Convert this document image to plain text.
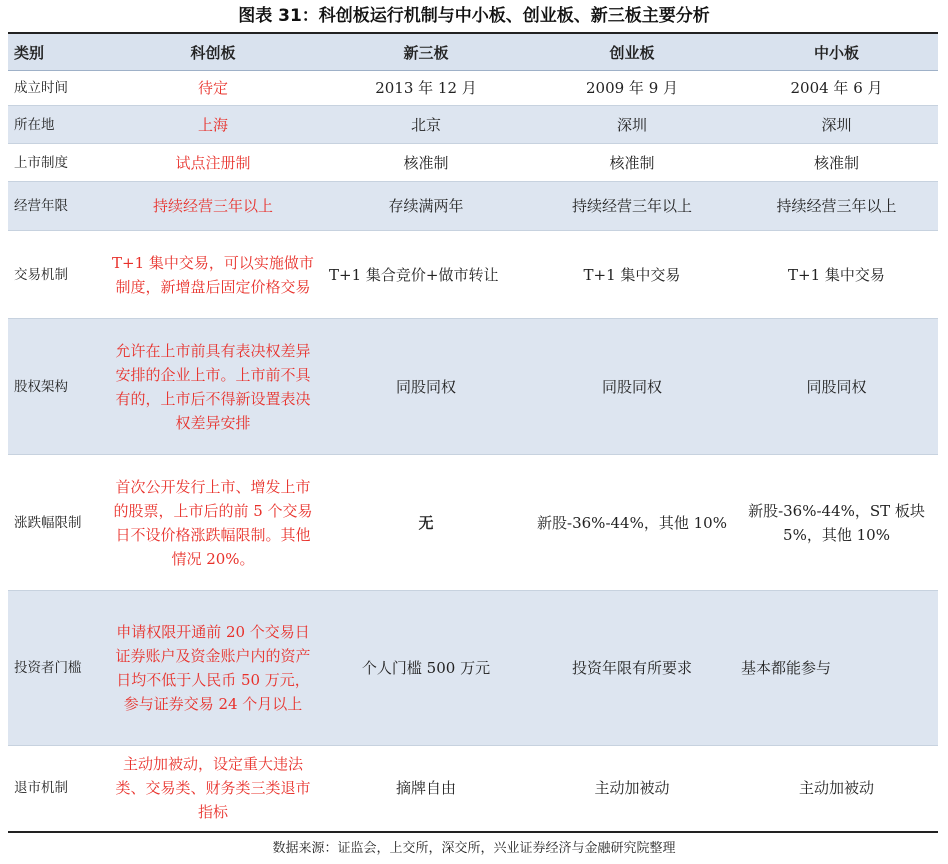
图表 31：科创板运行机制与中小板、创业板、新三板主要分析
类别	科创板	新三板	创业板	中小板
成立时间	待定	2013 年 12 月	2009 年 9 月	2004 年 6 月
所在地	上海	北京	深圳	深圳
上市制度	试点注册制	核准制	核准制	核准制
经营年限	持续经营三年以上	存续满两年	持续经营三年以上	持续经营三年以上
交易机制	T+1 集中交易，可以实施做市制度，新增盘后固定价格交易	T+1 集合竞价+做市转让	T+1 集中交易	T+1 集中交易
股权架构	允许在上市前具有表决权差异安排的企业上市。上市前不具有的，上市后不得新设置表决权差异安排	同股同权	同股同权	同股同权
涨跌幅限制	首次公开发行上市、增发上市的股票，上市后的前 5 个交易日不设价格涨跌幅限制。其他情况 20%。	无	新股-36%-44%，其他 10%	新股-36%-44%，ST 板块 5%，其他 10%
投资者门槛	申请权限开通前 20 个交易日证券账户及资金账户内的资产日均不低于人民币 50 万元，参与证券交易 24 个月以上	个人门槛 500 万元	投资年限有所要求	基本都能参与
退市机制	主动加被动，设定重大违法类、交易类、财务类三类退市指标	摘牌自由	主动加被动	主动加被动
数据来源：证监会，上交所，深交所，兴业证券经济与金融研究院整理
